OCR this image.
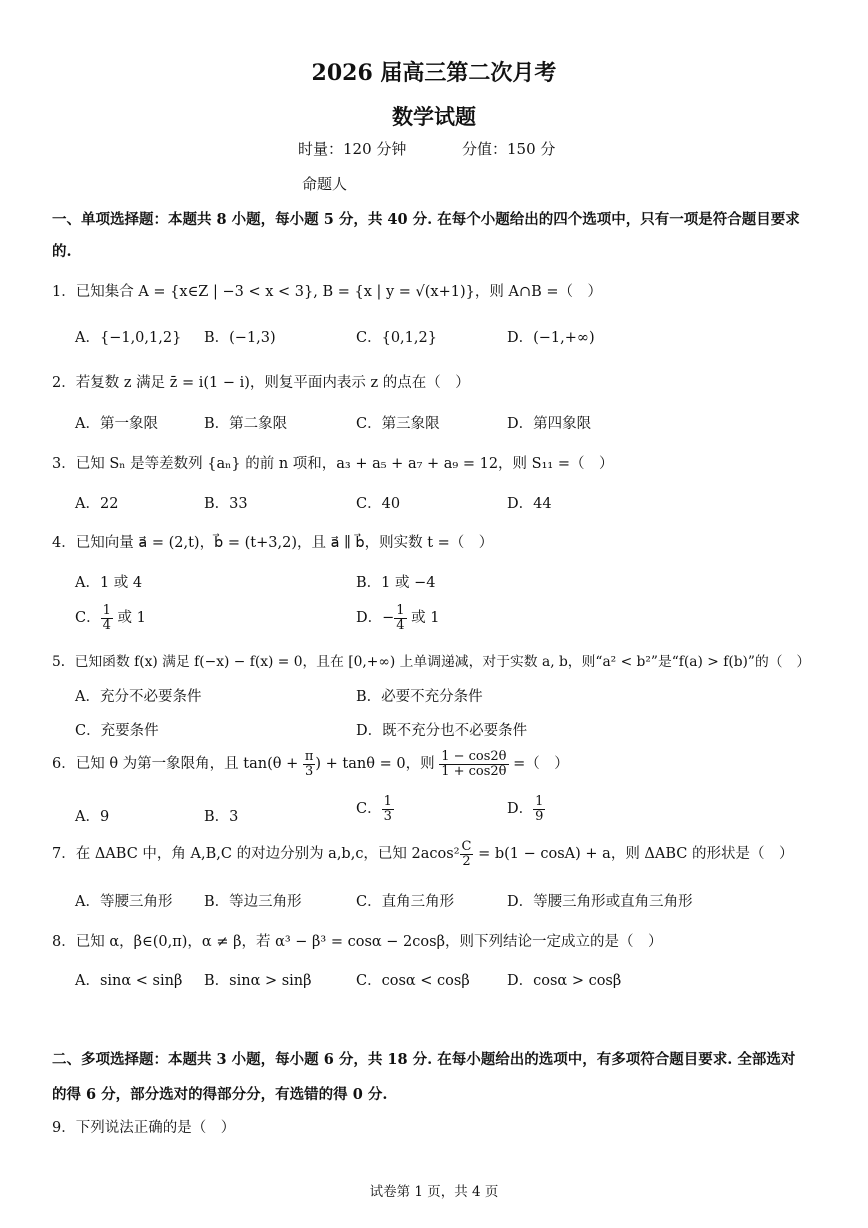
2026 届高三第二次月考
数学试题
时量：120 分钟	分值：150 分
命题人
一、单项选择题：本题共 8 小题，每小题 5 分，共 40 分. 在每个小题给出的四个选项中，只有一项是符合题目要求
的.
1．已知集合 A = {x∈Z | −3 < x < 3}, B = {x | y = √(x+1)}，则 A∩B =（　）
A．{−1,0,1,2} B．(−1,3)	C．{0,1,2}	D．(−1,+∞)
2．若复数 z 满足 z̄ = i(1 − i)，则复平面内表示 z 的点在（　）
A．第一象限	B．第二象限	C．第三象限	D．第四象限
3．已知 Sₙ 是等差数列 {aₙ} 的前 n 项和，a₃ + a₅ + a₇ + a₉ = 12，则 S₁₁ =（　）
A．22	B．33	C．40	D．44
4．已知向量 a⃗ = (2,t)，b⃗ = (t+3,2)，且 a⃗ ∥ b⃗，则实数 t =（　）
A．1 或 4	B．1 或 −4
C． $\frac{1}{4}$ 或 1	D．− $\frac{1}{4}$ 或 1
5．已知函数 f(x) 满足 f(−x) − f(x) = 0，且在 [0,+∞) 上单调递减，对于实数 a, b，则“a² < b²”是“f(a) > f(b)”的（　）
A．充分不必要条件	B．必要不充分条件
C．充要条件	D．既不充分也不必要条件
6．已知 θ 为第一象限角，且 $\tan(\theta + \frac{\pi}{3}$ ) + tanθ = 0，则 $\frac{1 - \cos 2\theta}{1 + \cos 2\theta}$ =（　）
A．9	B．3	C． $\frac{1}{3}$	D． $\frac{1}{9}$
7．在 ΔABC 中，角 A,B,C 的对边分别为 a,b,c，已知 $2acos^2 \frac{C}{2} = b(1 - \cos A) + a$，则 ΔABC 的形状是（　）
A．等腰三角形 B．等边三角形	C．直角三角形	D．等腰三角形或直角三角形
8．已知 α，β∈(0,π)，α ≠ β，若 α³ − β³ = cosα − 2cosβ，则下列结论一定成立的是（　）
A．sinα < sinβ B．sinα > sinβ	C．cosα < cosβ	D．cosα > cosβ
二、多项选择题：本题共 3 小题，每小题 6 分，共 18 分. 在每小题给出的选项中，有多项符合题目要求. 全部选对
的得 6 分，部分选对的得部分分，有选错的得 0 分.
9．下列说法正确的是（　）
试卷第 1 页，共 4 页
